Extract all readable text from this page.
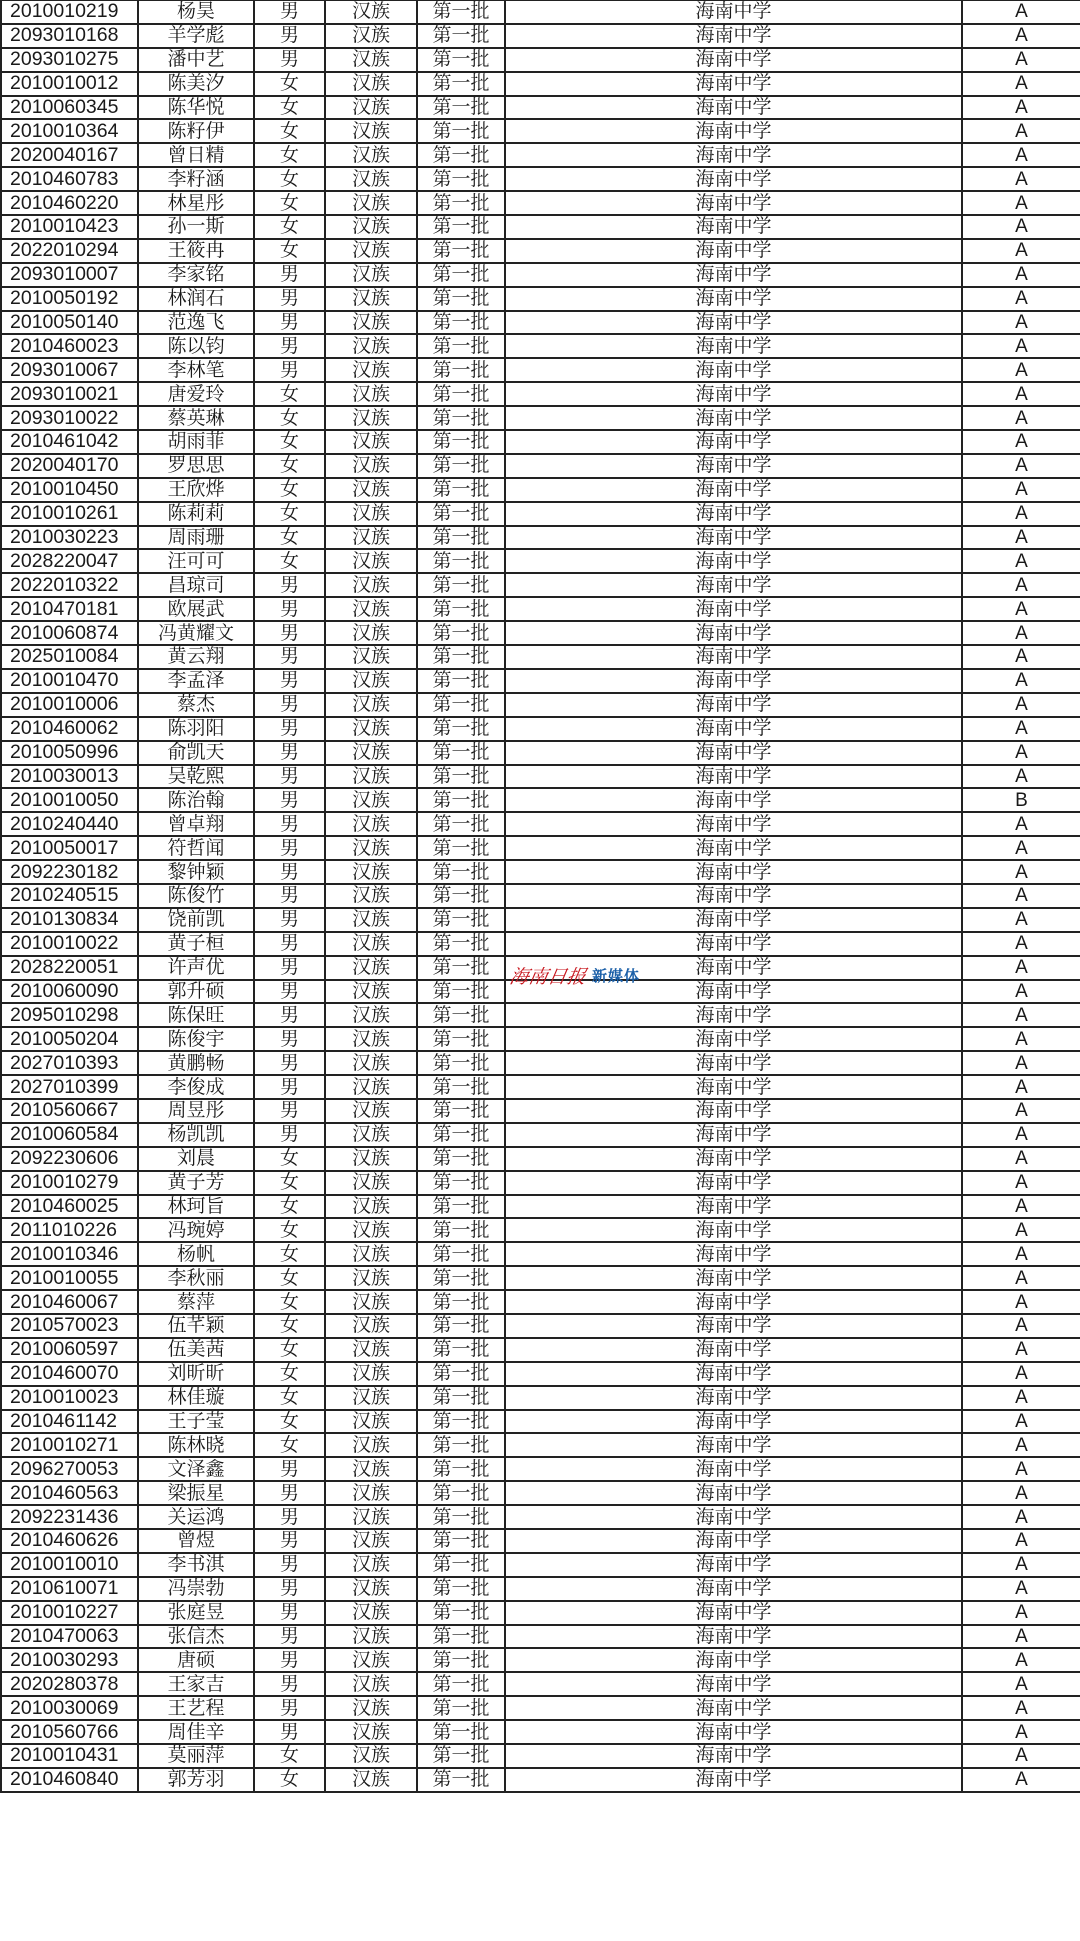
2010010219	杨昊	男	汉族	第一批	海南中学	A
2093010168	羊学彪	男	汉族	第一批	海南中学	A
2093010275	潘中艺	男	汉族	第一批	海南中学	A
2010010012	陈美汐	女	汉族	第一批	海南中学	A
2010060345	陈华悦	女	汉族	第一批	海南中学	A
2010010364	陈籽伊	女	汉族	第一批	海南中学	A
2020040167	曾日精	女	汉族	第一批	海南中学	A
2010460783	李籽涵	女	汉族	第一批	海南中学	A
2010460220	林星彤	女	汉族	第一批	海南中学	A
2010010423	孙一斯	女	汉族	第一批	海南中学	A
2022010294	王筱冉	女	汉族	第一批	海南中学	A
2093010007	李家铭	男	汉族	第一批	海南中学	A
2010050192	林润石	男	汉族	第一批	海南中学	A
2010050140	范逸飞	男	汉族	第一批	海南中学	A
2010460023	陈以钧	男	汉族	第一批	海南中学	A
2093010067	李林笔	男	汉族	第一批	海南中学	A
2093010021	唐爱玲	女	汉族	第一批	海南中学	A
2093010022	蔡英琳	女	汉族	第一批	海南中学	A
2010461042	胡雨菲	女	汉族	第一批	海南中学	A
2020040170	罗思思	女	汉族	第一批	海南中学	A
2010010450	王欣烨	女	汉族	第一批	海南中学	A
2010010261	陈莉莉	女	汉族	第一批	海南中学	A
2010030223	周雨珊	女	汉族	第一批	海南中学	A
2028220047	汪可可	女	汉族	第一批	海南中学	A
2022010322	昌琼司	男	汉族	第一批	海南中学	A
2010470181	欧展武	男	汉族	第一批	海南中学	A
2010060874	冯黄耀文	男	汉族	第一批	海南中学	A
2025010084	黄云翔	男	汉族	第一批	海南中学	A
2010010470	李孟泽	男	汉族	第一批	海南中学	A
2010010006	蔡杰	男	汉族	第一批	海南中学	A
2010460062	陈羽阳	男	汉族	第一批	海南中学	A
2010050996	俞凯天	男	汉族	第一批	海南中学	A
2010030013	吴乾熙	男	汉族	第一批	海南中学	A
2010010050	陈治翰	男	汉族	第一批	海南中学	B
2010240440	曾卓翔	男	汉族	第一批	海南中学	A
2010050017	符哲闻	男	汉族	第一批	海南中学	A
2092230182	黎钟颖	男	汉族	第一批	海南中学	A
2010240515	陈俊竹	男	汉族	第一批	海南中学	A
2010130834	饶前凯	男	汉族	第一批	海南中学	A
2010010022	黄子桓	男	汉族	第一批	海南中学	A
2028220051	许声优	男	汉族	第一批	海南中学	A
2010060090	郭升硕	男	汉族	第一批	海南中学	A
2095010298	陈保旺	男	汉族	第一批	海南中学	A
2010050204	陈俊宇	男	汉族	第一批	海南中学	A
2027010393	黄鹏畅	男	汉族	第一批	海南中学	A
2027010399	李俊成	男	汉族	第一批	海南中学	A
2010560667	周昱彤	男	汉族	第一批	海南中学	A
2010060584	杨凯凯	男	汉族	第一批	海南中学	A
2092230606	刘晨	女	汉族	第一批	海南中学	A
2010010279	黄子芳	女	汉族	第一批	海南中学	A
2010460025	林珂旨	女	汉族	第一批	海南中学	A
2011010226	冯琬婷	女	汉族	第一批	海南中学	A
2010010346	杨帆	女	汉族	第一批	海南中学	A
2010010055	李秋丽	女	汉族	第一批	海南中学	A
2010460067	蔡萍	女	汉族	第一批	海南中学	A
2010570023	伍芊颖	女	汉族	第一批	海南中学	A
2010060597	伍美茜	女	汉族	第一批	海南中学	A
2010460070	刘昕昕	女	汉族	第一批	海南中学	A
2010010023	林佳璇	女	汉族	第一批	海南中学	A
2010461142	王子莹	女	汉族	第一批	海南中学	A
2010010271	陈林晓	女	汉族	第一批	海南中学	A
2096270053	文泽鑫	男	汉族	第一批	海南中学	A
2010460563	梁振星	男	汉族	第一批	海南中学	A
2092231436	关运鸿	男	汉族	第一批	海南中学	A
2010460626	曾煜	男	汉族	第一批	海南中学	A
2010010010	李书淇	男	汉族	第一批	海南中学	A
2010610071	冯崇勃	男	汉族	第一批	海南中学	A
2010010227	张庭昱	男	汉族	第一批	海南中学	A
2010470063	张信杰	男	汉族	第一批	海南中学	A
2010030293	唐硕	男	汉族	第一批	海南中学	A
2020280378	王家吉	男	汉族	第一批	海南中学	A
2010030069	王艺程	男	汉族	第一批	海南中学	A
2010560766	周佳辛	男	汉族	第一批	海南中学	A
2010010431	莫丽萍	女	汉族	第一批	海南中学	A
2010460840	郭芳羽	女	汉族	第一批	海南中学	A
海南日报 新媒体
